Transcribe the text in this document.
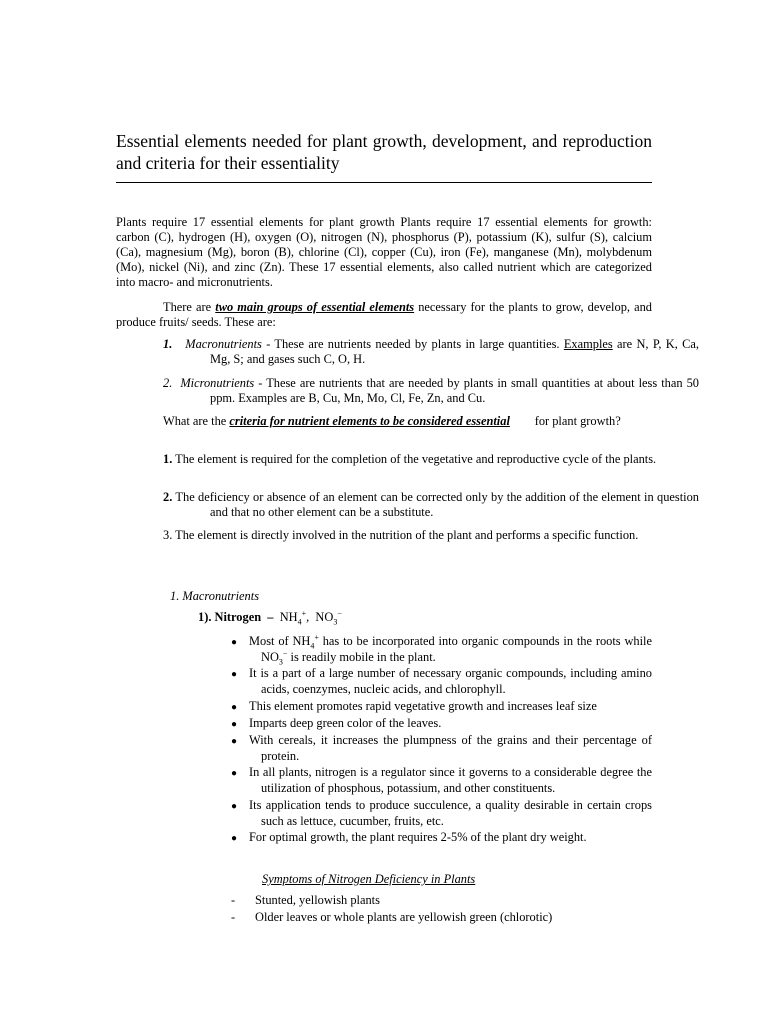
Essential elements needed for plant growth, development, and reproduction and criteria for their essentiality
Plants require 17 essential elements for plant growth Plants require 17 essential elements for growth: carbon (C), hydrogen (H), oxygen (O), nitrogen (N), phosphorus (P), potassium (K), sulfur (S), calcium (Ca), magnesium (Mg), boron (B), chlorine (Cl), copper (Cu), iron (Fe), manganese (Mn), molybdenum (Mo), nickel (Ni), and zinc (Zn). These 17 essential elements, also called nutrient which are categorized into macro- and micronutrients.
There are two main groups of essential elements necessary for the plants to grow, develop, and produce fruits/ seeds. These are:
1. Macronutrients - These are nutrients needed by plants in large quantities. Examples are N, P, K, Ca, Mg, S; and gases such C, O, H.
2. Micronutrients - These are nutrients that are needed by plants in small quantities at about less than 50 ppm. Examples are B, Cu, Mn, Mo, Cl, Fe, Zn, and Cu.
What are the criteria for nutrient elements to be considered essential        for plant growth?
1. The element is required for the completion of the vegetative and reproductive cycle of the plants.
2. The deficiency or absence of an element can be corrected only by the addition of the element in question and that no other element can be a substitute.
3. The element is directly involved in the nutrition of the plant and performs a specific function.
1. Macronutrients
1). Nitrogen  –  $NH_4^+$,  $NO_3^-$
● Most of $NH_4^+$ has to be incorporated into organic compounds in the roots while $NO_3^-$ is readily mobile in the plant.
● It is a part of a large number of necessary organic compounds, including amino acids, coenzymes, nucleic acids, and chlorophyll.
● This element promotes rapid vegetative growth and increases leaf size
● Imparts deep green color of the leaves.
● With cereals, it increases the plumpness of the grains and their percentage of protein.
● In all plants, nitrogen is a regulator since it governs to a considerable degree the utilization of phosphous, potassium, and other constituents.
● Its application tends to produce succulence, a quality desirable in certain crops such as lettuce, cucumber, fruits, etc.
● For optimal growth, the plant requires 2-5% of the plant dry weight.
Symptoms of Nitrogen Deficiency in Plants
- Stunted, yellowish plants
- Older leaves or whole plants are yellowish green (chlorotic)
